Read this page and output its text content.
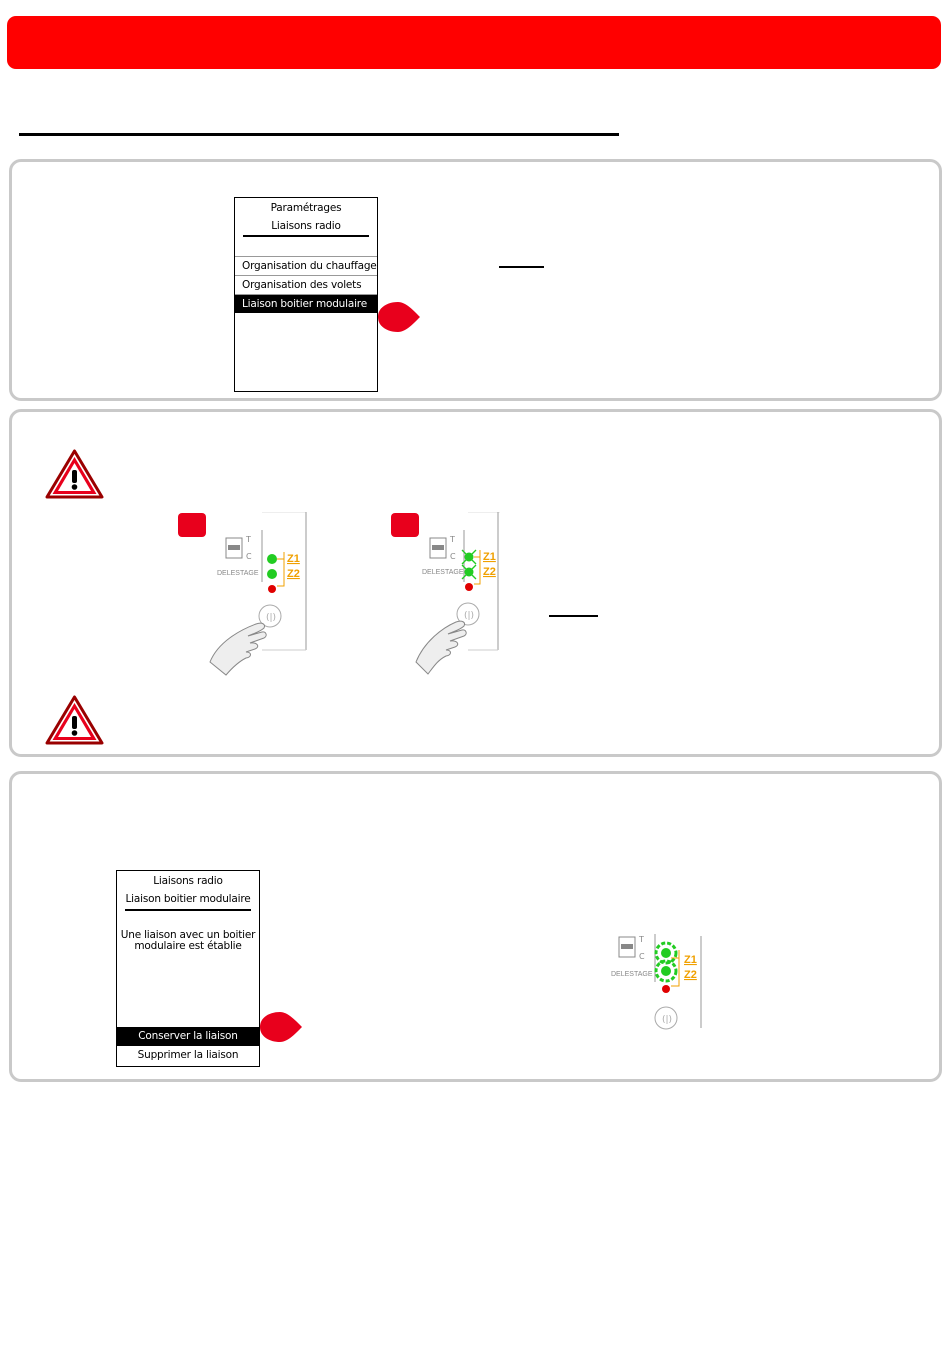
Paramétrages
Liaisons radio
Organisation du chauffage
Organisation des volets
Liaison boitier modulaire
T
C	Z1
Z2
DELESTAGE
(|)
T
C Z1
Z2
DELESTAGE
(|)
Liaisons radio
Liaison boitier modulaire
Une liaison avec un boitier
modulaire est établie
Conserver la liaison
Supprimer la liaison
T
C	Z1
Z2
DELESTAGE
(|)
